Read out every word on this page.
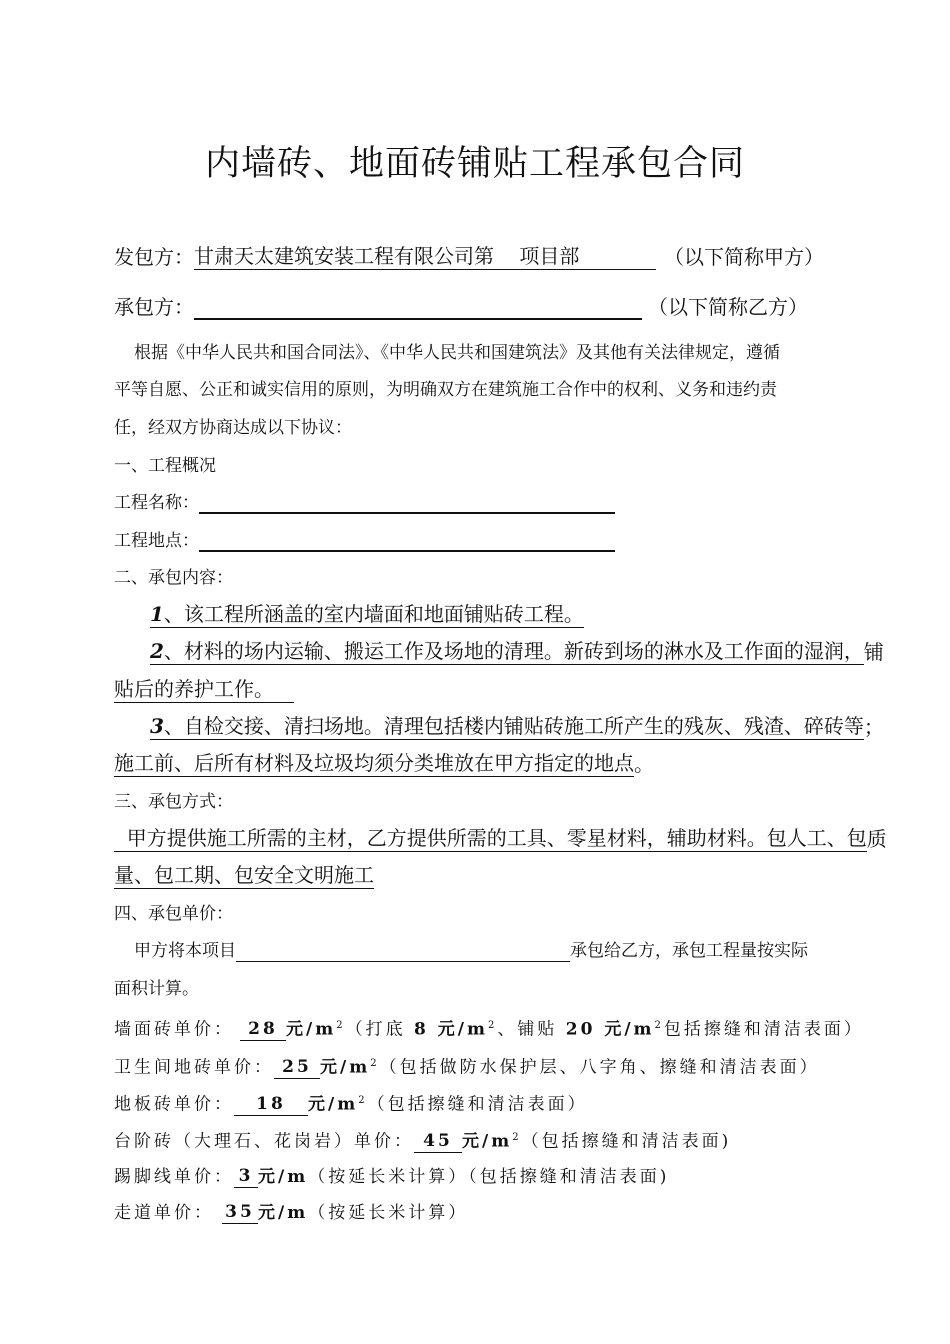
内墙砖、地面砖铺贴工程承包合同
发包方：甘肃天太建筑安装工程有限公司第    项目部	（以下简称甲方）
承包方：	（以下简称乙方）
根据《中华人民共和国合同法》、《中华人民共和国建筑法》及其他有关法律规定，遵循
平等自愿、公正和诚实信用的原则，为明确双方在建筑施工合作中的权利、义务和违约责
任，经双方协商达成以下协议：
一、工程概况
工程名称：
工程地点：
二、承包内容：
1、该工程所涵盖的室内墙面和地面铺贴砖工程。
2、材料的场内运输、搬运工作及场地的清理。新砖到场的淋水及工作面的湿润，铺
贴后的养护工作。
3、自检交接、清扫场地。清理包括楼内铺贴砖施工所产生的残灰、残渣、碎砖等；
施工前、后所有材料及垃圾均须分类堆放在甲方指定的地点。
三、承包方式：
甲方提供施工所需的主材，乙方提供所需的工具、零星材料，辅助材料。包人工、包质
量、包工期、包安全文明施工
四、承包单价：
甲方将本项目	承包给乙方，承包工程量按实际
面积计算。
墙面砖单价： 28 元$/m^2$（打底 8 元$/m^2$、铺贴 20 元$/m^2$包括擦缝和清洁表面）
卫生间地砖单价： 25 元$/m^2$（包括做防水保护层、八字角、擦缝和清洁表面）
地板砖单价： 18 元$/m^2$（包括擦缝和清洁表面）
台阶砖（大理石、花岗岩）单价： 45 元$/m^2$（包括擦缝和清洁表面)
踢脚线单价： 3 元/m（按延长米计算）（包括擦缝和清洁表面)
走道单价： 35 元/m（按延长米计算）
